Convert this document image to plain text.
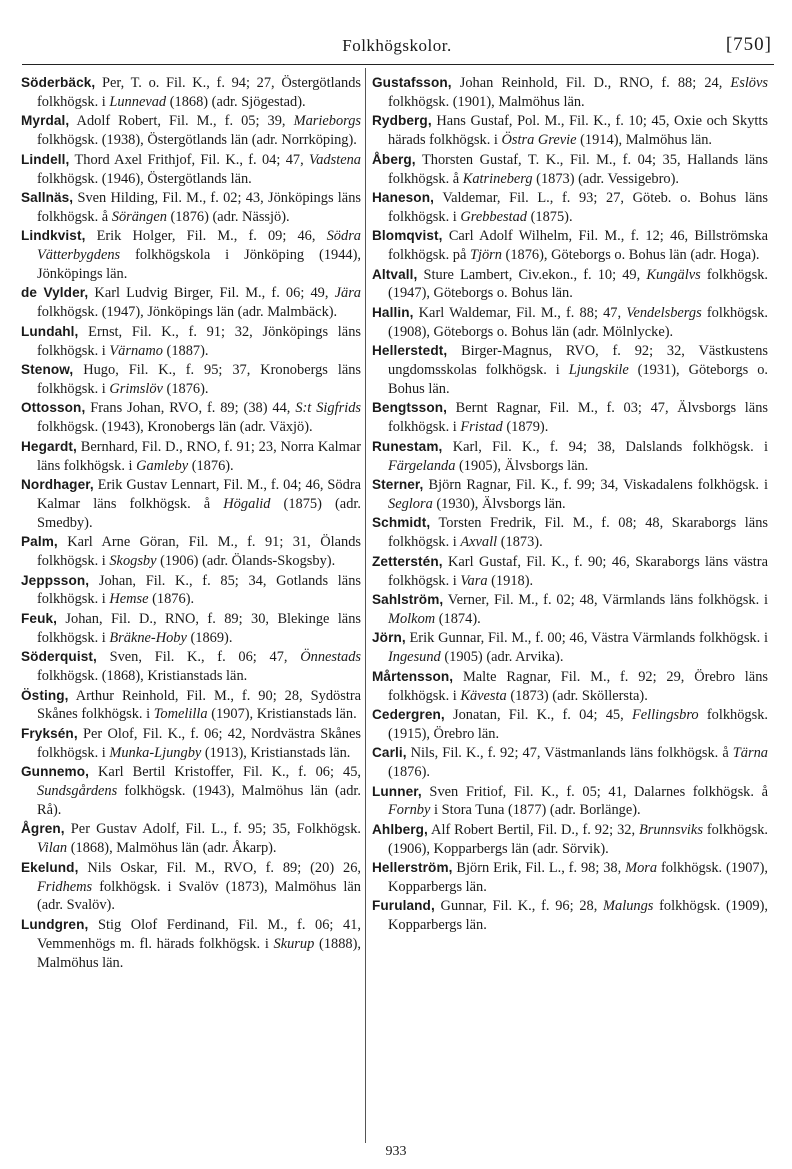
Folkhögskolor.	[750]

Söderbäck, Per, T. o. Fil. K., f. 94; 27, Östergötlands folkhögsk. i Lunnevad (1868) (adr. Sjögestad).

Myrdal, Adolf Robert, Fil. M., f. 05; 39, Marieborgs folkhögsk. (1938), Östergötlands län (adr. Norrköping).

Lindell, Thord Axel Frithjof, Fil. K., f. 04; 47, Vadstena folkhögsk. (1946), Östergötlands län.

Sallnäs, Sven Hilding, Fil. M., f. 02; 43, Jönköpings läns folkhögsk. å Sörängen (1876) (adr. Nässjö).

Lindkvist, Erik Holger, Fil. M., f. 09; 46, Södra Vätterbygdens folkhögskola i Jönköping (1944), Jönköpings län.

de Vylder, Karl Ludvig Birger, Fil. M., f. 06; 49, Jära folkhögsk. (1947), Jönköpings län (adr. Malmbäck).

Lundahl, Ernst, Fil. K., f. 91; 32, Jönköpings läns folkhögsk. i Värnamo (1887).

Stenow, Hugo, Fil. K., f. 95; 37, Kronobergs läns folkhögsk. i Grimslöv (1876).

Ottosson, Frans Johan, RVO, f. 89; (38) 44, S:t Sigfrids folkhögsk. (1943), Kronobergs län (adr. Växjö).

Hegardt, Bernhard, Fil. D., RNO, f. 91; 23, Norra Kalmar läns folkhögsk. i Gamleby (1876).

Nordhager, Erik Gustav Lennart, Fil. M., f. 04; 46, Södra Kalmar läns folkhögsk. å Högalid (1875) (adr. Smedby).

Palm, Karl Arne Göran, Fil. M., f. 91; 31, Ölands folkhögsk. i Skogsby (1906) (adr. Ölands-Skogsby).

Jeppsson, Johan, Fil. K., f. 85; 34, Gotlands läns folkhögsk. i Hemse (1876).

Feuk, Johan, Fil. D., RNO, f. 89; 30, Blekinge läns folkhögsk. i Bräkne-Hoby (1869).

Söderquist, Sven, Fil. K., f. 06; 47, Önnestads folkhögsk. (1868), Kristianstads län.

Östing, Arthur Reinhold, Fil. M., f. 90; 28, Sydöstra Skånes folkhögsk. i Tomelilla (1907), Kristianstads län.

Fryksén, Per Olof, Fil. K., f. 06; 42, Nordvästra Skånes folkhögsk. i Munka-Ljungby (1913), Kristianstads län.

Gunnemo, Karl Bertil Kristoffer, Fil. K., f. 06; 45, Sundsgårdens folkhögsk. (1943), Malmöhus län (adr. Rå).

Ågren, Per Gustav Adolf, Fil. L., f. 95; 35, Folkhögsk. Vilan (1868), Malmöhus län (adr. Åkarp).

Ekelund, Nils Oskar, Fil. M., RVO, f. 89; (20) 26, Fridhems folkhögsk. i Svalöv (1873), Malmöhus län (adr. Svalöv).

Lundgren, Stig Olof Ferdinand, Fil. M., f. 06; 41, Vemmenhögs m. fl. härads folkhögsk. i Skurup (1888), Malmöhus län.

Gustafsson, Johan Reinhold, Fil. D., RNO, f. 88; 24, Eslövs folkhögsk. (1901), Malmöhus län.

Rydberg, Hans Gustaf, Pol. M., Fil. K., f. 10; 45, Oxie och Skytts härads folkhögsk. i Östra Grevie (1914), Malmöhus län.

Åberg, Thorsten Gustaf, T. K., Fil. M., f. 04; 35, Hallands läns folkhögsk. å Katrineberg (1873) (adr. Vessigebro).

Haneson, Valdemar, Fil. L., f. 93; 27, Göteb. o. Bohus läns folkhögsk. i Grebbestad (1875).

Blomqvist, Carl Adolf Wilhelm, Fil. M., f. 12; 46, Billströmska folkhögsk. på Tjörn (1876), Göteborgs o. Bohus län (adr. Hoga).

Altvall, Sture Lambert, Civ.ekon., f. 10; 49, Kungälvs folkhögsk. (1947), Göteborgs o. Bohus län.

Hallin, Karl Waldemar, Fil. M., f. 88; 47, Vendelsbergs folkhögsk. (1908), Göteborgs o. Bohus län (adr. Mölnlycke).

Hellerstedt, Birger-Magnus, RVO, f. 92; 32, Västkustens ungdomsskolas folkhögsk. i Ljungskile (1931), Göteborgs o. Bohus län.

Bengtsson, Bernt Ragnar, Fil. M., f. 03; 47, Älvsborgs läns folkhögsk. i Fristad (1879).

Runestam, Karl, Fil. K., f. 94; 38, Dalslands folkhögsk. i Färgelanda (1905), Älvsborgs län.

Sterner, Björn Ragnar, Fil. K., f. 99; 34, Viskadalens folkhögsk. i Seglora (1930), Älvsborgs län.

Schmidt, Torsten Fredrik, Fil. M., f. 08; 48, Skaraborgs läns folkhögsk. i Axvall (1873).

Zetterstén, Karl Gustaf, Fil. K., f. 90; 46, Skaraborgs läns västra folkhögsk. i Vara (1918).

Sahlström, Verner, Fil. M., f. 02; 48, Värmlands läns folkhögsk. i Molkom (1874).

Jörn, Erik Gunnar, Fil. M., f. 00; 46, Västra Värmlands folkhögsk. i Ingesund (1905) (adr. Arvika).

Mårtensson, Malte Ragnar, Fil. M., f. 92; 29, Örebro läns folkhögsk. i Kävesta (1873) (adr. Sköllersta).

Cedergren, Jonatan, Fil. K., f. 04; 45, Fellingsbro folkhögsk. (1915), Örebro län.

Carli, Nils, Fil. K., f. 92; 47, Västmanlands läns folkhögsk. å Tärna (1876).

Lunner, Sven Fritiof, Fil. K., f. 05; 41, Dalarnes folkhögsk. å Fornby i Stora Tuna (1877) (adr. Borlänge).

Ahlberg, Alf Robert Bertil, Fil. D., f. 92; 32, Brunnsviks folkhögsk. (1906), Kopparbergs län (adr. Sörvik).

Hellerström, Björn Erik, Fil. L., f. 98; 38, Mora folkhögsk. (1907), Kopparbergs län.

Furuland, Gunnar, Fil. K., f. 96; 28, Malungs folkhögsk. (1909), Kopparbergs län.

933
